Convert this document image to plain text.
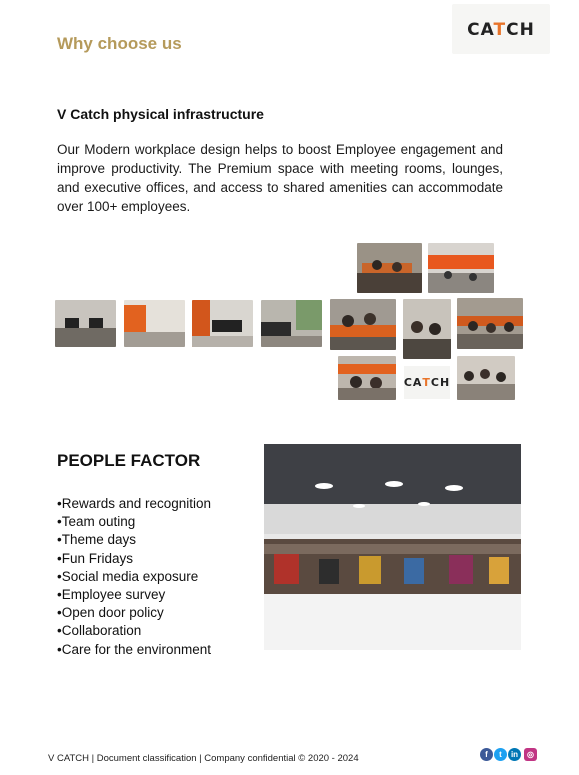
CATCH
Why choose us
V Catch physical infrastructure
Our Modern workplace design helps to boost Employee engagement and improve productivity. The Premium space with meeting rooms, lounges, and executive offices, and access to shared amenities can accommodate over 100+ employees.
CA T CH
PEOPLE FACTOR
•Rewards and recognition
•Team outing
•Theme days
•Fun Fridays
•Social media exposure
•Employee survey
•Open door policy
•Collaboration
•Care for the environment
V CATCH | Document classification | Company confidential © 2020 - 2024	f	t	in	◎
